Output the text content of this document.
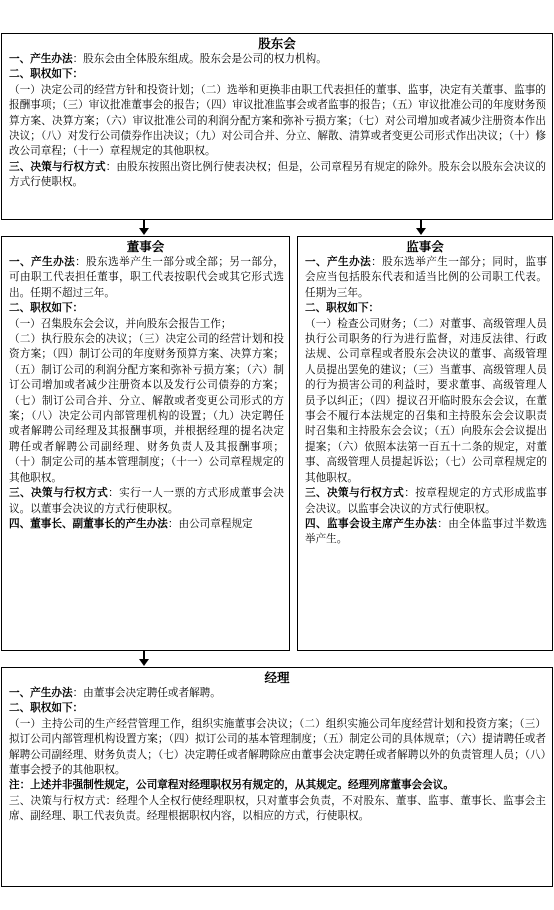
股东会

一、产生办法：股东会由全体股东组成。股东会是公司的权力机构。

二、职权如下：

（一）决定公司的经营方针和投资计划；（二）选举和更换非由职工代表担任的董事、监事，决定有关董事、监事的报酬事项；（三）审议批准董事会的报告；（四）审议批准监事会或者监事的报告；（五）审议批准公司的年度财务预算方案、决算方案；（六）审议批准公司的利润分配方案和弥补亏损方案；（七）对公司增加或者减少注册资本作出决议；（八）对发行公司债券作出决议；（九）对公司合并、分立、解散、清算或者变更公司形式作出决议；（十）修改公司章程；（十一）章程规定的其他职权。

三、决策与行权方式：由股东按照出资比例行使表决权；但是，公司章程另有规定的除外。股东会以股东会决议的方式行使职权。

董事会

一、产生办法：股东选举产生一部分或全部；另一部分，可由职工代表担任董事，职工代表按职代会或其它形式选出。任期不超过三年。

二、职权如下：

（一）召集股东会会议，并向股东会报告工作；

（二）执行股东会的决议；（三）决定公司的经营计划和投资方案；（四）制订公司的年度财务预算方案、决算方案；（五）制订公司的利润分配方案和弥补亏损方案；（六）制订公司增加或者减少注册资本以及发行公司债券的方案；（七）制订公司合并、分立、解散或者变更公司形式的方案；（八）决定公司内部管理机构的设置；（九）决定聘任或者解聘公司经理及其报酬事项，并根据经理的提名决定聘任或者解聘公司副经理、财务负责人及其报酬事项；（十）制定公司的基本管理制度；（十一）公司章程规定的其他职权。

三、决策与行权方式：实行一人一票的方式形成董事会决议。以董事会决议的方式行使职权。

四、董事长、副董事长的产生办法：由公司章程规定

监事会

一、产生办法：股东选举产生一部分；同时，监事会应当包括股东代表和适当比例的公司职工代表。任期为三年。

二、职权如下：

（一）检查公司财务；（二）对董事、高级管理人员执行公司职务的行为进行监督，对违反法律、行政法规、公司章程或者股东会决议的董事、高级管理人员提出罢免的建议；（三）当董事、高级管理人员的行为损害公司的利益时，要求董事、高级管理人员予以纠正；（四）提议召开临时股东会会议，在董事会不履行本法规定的召集和主持股东会会议职责时召集和主持股东会会议；（五）向股东会会议提出提案；（六）依照本法第一百五十二条的规定，对董事、高级管理人员提起诉讼；（七）公司章程规定的其他职权。

三、决策与行权方式：按章程规定的方式形成监事会决议。以监事会决议的方式行使职权。

四、监事会设主席产生办法：由全体监事过半数选举产生。

经理

一、产生办法：由董事会决定聘任或者解聘。

二、职权如下：

（一）主持公司的生产经营管理工作，组织实施董事会决议；（二）组织实施公司年度经营计划和投资方案；（三）拟订公司内部管理机构设置方案；（四）拟订公司的基本管理制度；（五）制定公司的具体规章；（六）提请聘任或者解聘公司副经理、财务负责人；（七）决定聘任或者解聘除应由董事会决定聘任或者解聘以外的负责管理人员；（八）董事会授予的其他职权。

注：上述并非强制性规定，公司章程对经理职权另有规定的，从其规定。经理列席董事会会议。

三、决策与行权方式：经理个人全权行使经理职权，只对董事会负责，不对股东、董事、监事、董事长、监事会主席、副经理、职工代表负责。经理根据职权内容，以相应的方式，行使职权。
